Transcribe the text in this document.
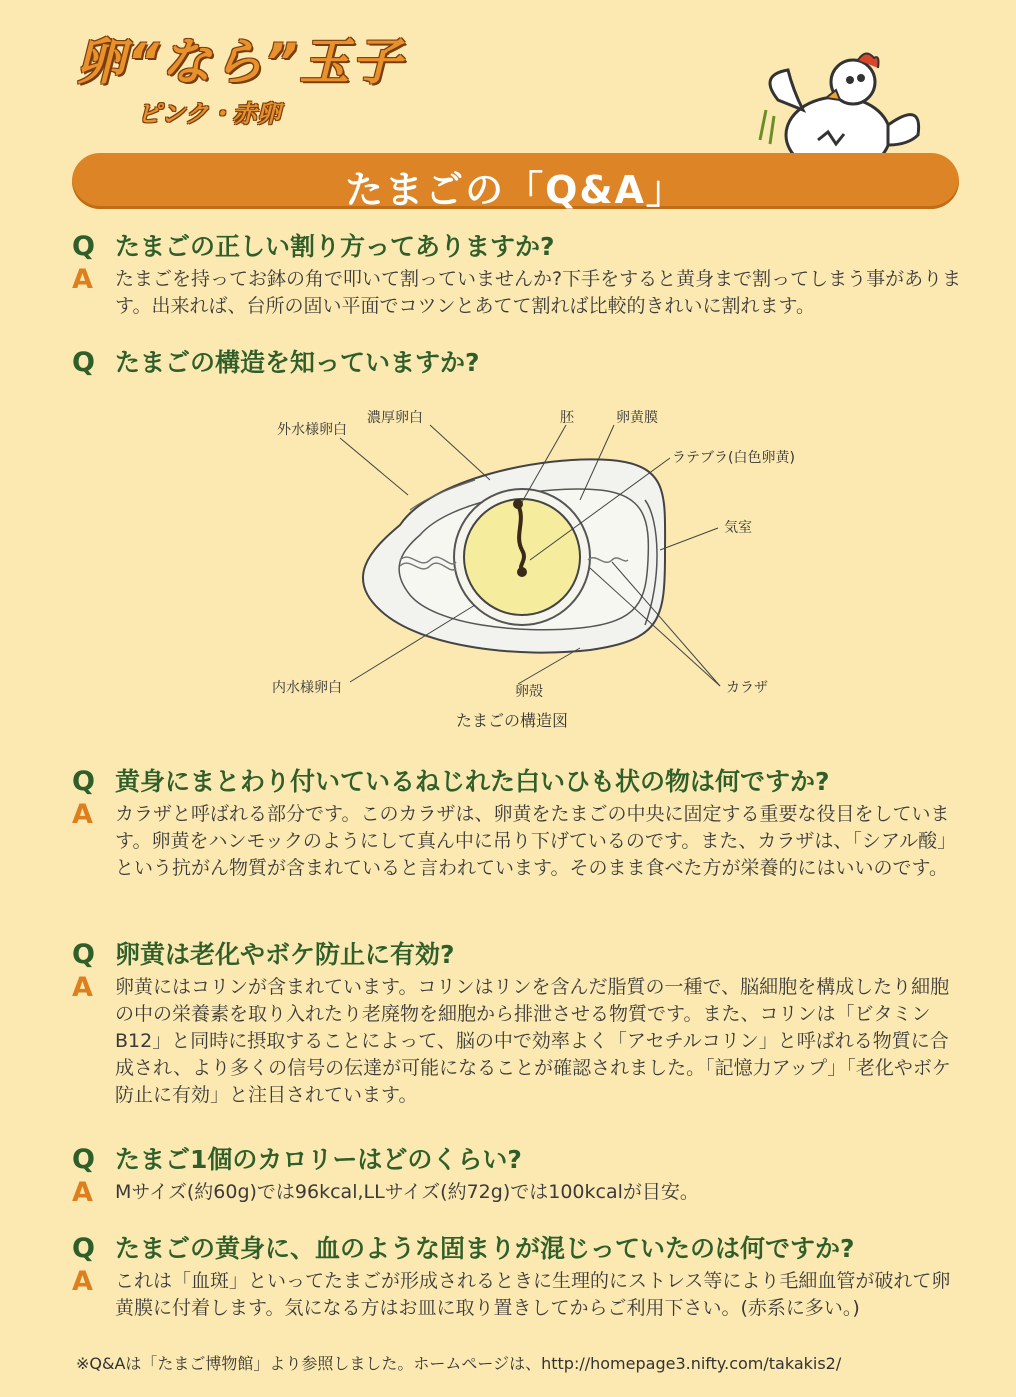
卵“なら”玉子
ピンク・赤卵
たまごの「Q&A」
Q たまごの正しい割り方ってありますか?
A	たまごを持ってお鉢の角で叩いて割っていませんか?下手をすると黄身まで割ってしまう事があります。出来れば、台所の固い平面でコツンとあてて割れば比較的きれいに割れます。
Q たまごの構造を知っていますか?
外水様卵白
濃厚卵白	胚	卵黄膜
ラテブラ(白色卵黄)
気室
内水様卵白	卵殻	カラザ
たまごの構造図
Q 黄身にまとわり付いているねじれた白いひも状の物は何ですか?
A	カラザと呼ばれる部分です。このカラザは、卵黄をたまごの中央に固定する重要な役目をしています。卵黄をハンモックのようにして真ん中に吊り下げているのです。また、カラザは、「シアル酸」という抗がん物質が含まれていると言われています。そのまま食べた方が栄養的にはいいのです。
Q 卵黄は老化やボケ防止に有効?
A	卵黄にはコリンが含まれています。コリンはリンを含んだ脂質の一種で、脳細胞を構成したり細胞の中の栄養素を取り入れたり老廃物を細胞から排泄させる物質です。また、コリンは「ビタミンB12」と同時に摂取することによって、脳の中で効率よく「アセチルコリン」と呼ばれる物質に合成され、より多くの信号の伝達が可能になることが確認されました。「記憶力アップ」「老化やボケ防止に有効」と注目されています。
Q たまご1個のカロリーはどのくらい?
A	Mサイズ(約60g)では96kcal,LLサイズ(約72g)では100kcalが目安。
Q たまごの黄身に、血のような固まりが混じっていたのは何ですか?
A	これは「血斑」といってたまごが形成されるときに生理的にストレス等により毛細血管が破れて卵黄膜に付着します。気になる方はお皿に取り置きしてからご利用下さい。(赤系に多い。)
※Q&Aは「たまご博物館」より参照しました。ホームページは、http://homepage3.nifty.com/takakis2/
